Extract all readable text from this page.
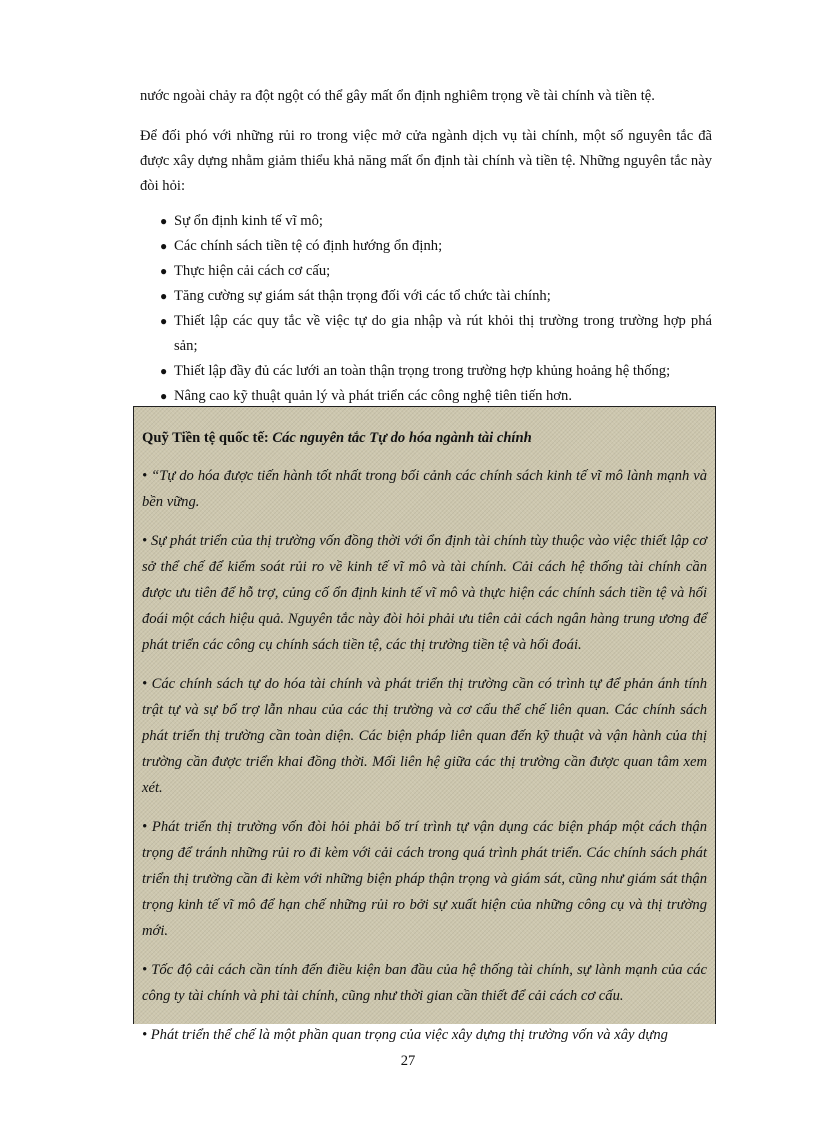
nước ngoài chảy ra đột ngột có thể gây mất ổn định nghiêm trọng về tài chính và tiền tệ.

Để đối phó với những rủi ro trong việc mở cửa ngành dịch vụ tài chính, một số nguyên tắc đã được xây dựng nhằm giảm thiểu khả năng mất ổn định tài chính và tiền tệ. Những nguyên tắc này đòi hỏi:

● Sự ổn định kinh tế vĩ mô;
● Các chính sách tiền tệ có định hướng ổn định;
● Thực hiện cải cách cơ cấu;
● Tăng cường sự giám sát thận trọng đối với các tổ chức tài chính;
● Thiết lập các quy tắc về việc tự do gia nhập và rút khỏi thị trường trong trường hợp phá sản;
● Thiết lập đầy đủ các lưới an toàn thận trọng trong trường hợp khủng hoảng hệ thống;
● Nâng cao kỹ thuật quản lý và phát triển các công nghệ tiên tiến hơn.

Quỹ Tiền tệ quốc tế: Các nguyên tắc Tự do hóa ngành tài chính

• “Tự do hóa được tiến hành tốt nhất trong bối cảnh các chính sách kinh tế vĩ mô lành mạnh và bền vững.

• Sự phát triển của thị trường vốn đồng thời với ổn định tài chính tùy thuộc vào việc thiết lập cơ sở thể chế để kiểm soát rủi ro về kinh tế vĩ mô và tài chính. Cải cách hệ thống tài chính cần được ưu tiên để hỗ trợ, củng cố ổn định kinh tế vĩ mô và thực hiện các chính sách tiền tệ và hối đoái một cách hiệu quả. Nguyên tắc này đòi hỏi phải ưu tiên cải cách ngân hàng trung ương để phát triển các công cụ chính sách tiền tệ, các thị trường tiền tệ và hối đoái.

• Các chính sách tự do hóa tài chính và phát triển thị trường cần có trình tự để phản ánh tính trật tự và sự bổ trợ lẫn nhau của các thị trường và cơ cấu thể chế liên quan. Các chính sách phát triển thị trường cần toàn diện. Các biện pháp liên quan đến kỹ thuật và vận hành của thị trường cần được triển khai đồng thời. Mối liên hệ giữa các thị trường cần được quan tâm xem xét.

• Phát triển thị trường vốn đòi hỏi phải bố trí trình tự vận dụng các biện pháp một cách thận trọng để tránh những rủi ro đi kèm với cải cách trong quá trình phát triển. Các chính sách phát triển thị trường cần đi kèm với những biện pháp thận trọng và giám sát, cũng như giám sát thận trọng kinh tế vĩ mô để hạn chế những rủi ro bởi sự xuất hiện của những công cụ và thị trường mới.

• Tốc độ cải cách cần tính đến điều kiện ban đầu của hệ thống tài chính, sự lành mạnh của các công ty tài chính và phi tài chính, cũng như thời gian cần thiết để cải cách cơ cấu.

• Phát triển thể chế là một phần quan trọng của việc xây dựng thị trường vốn và xây dựng

27
